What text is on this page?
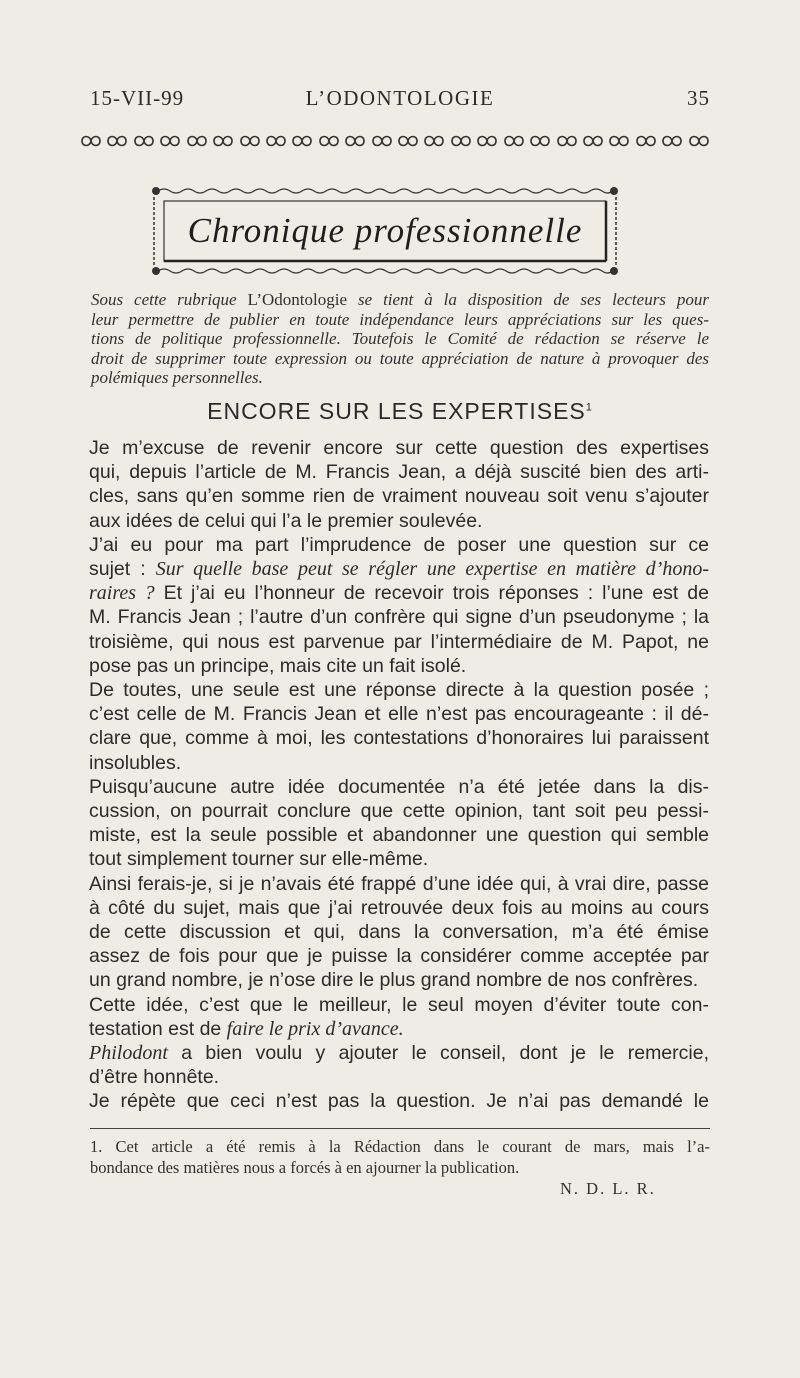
15-VII-99	L’ODONTOLOGIE	35
Chronique professionnelle
Sous cette rubrique L’Odontologie se tient à la disposition de ses lecteurs pour
leur permettre de publier en toute indépendance leurs appréciations sur les ques-
tions de politique professionnelle. Toutefois le Comité de rédaction se réserve le
droit de supprimer toute expression ou toute appréciation de nature à provoquer des
polémiques personnelles.
ENCORE SUR LES EXPERTISES$^1$
Je m’excuse de revenir encore sur cette question des expertises
qui, depuis l’article de M. Francis Jean, a déjà suscité bien des arti-
cles, sans qu’en somme rien de vraiment nouveau soit venu s’ajouter
aux idées de celui qui l’a le premier soulevée.
J’ai eu pour ma part l’imprudence de poser une question sur ce
sujet : Sur quelle base peut se régler une expertise en matière d’hono-
raires ? Et j’ai eu l’honneur de recevoir trois réponses : l’une est de
M. Francis Jean ; l’autre d’un confrère qui signe d’un pseudonyme ; la
troisième, qui nous est parvenue par l’intermédiaire de M. Papot, ne
pose pas un principe, mais cite un fait isolé.
De toutes, une seule est une réponse directe à la question posée ;
c’est celle de M. Francis Jean et elle n’est pas encourageante : il dé-
clare que, comme à moi, les contestations d’honoraires lui paraissent
insolubles.
Puisqu’aucune autre idée documentée n’a été jetée dans la dis-
cussion, on pourrait conclure que cette opinion, tant soit peu pessi-
miste, est la seule possible et abandonner une question qui semble
tout simplement tourner sur elle-même.
Ainsi ferais-je, si je n’avais été frappé d’une idée qui, à vrai dire, passe
à côté du sujet, mais que j’ai retrouvée deux fois au moins au cours
de cette discussion et qui, dans la conversation, m’a été émise
assez de fois pour que je puisse la considérer comme acceptée par
un grand nombre, je n’ose dire le plus grand nombre de nos confrères.
Cette idée, c’est que le meilleur, le seul moyen d’éviter toute con-
testation est de faire le prix d’avance.
Philodont a bien voulu y ajouter le conseil, dont je le remercie,
d’être honnête.
Je répète que ceci n’est pas la question. Je n’ai pas demandé le
1. Cet article a été remis à la Rédaction dans le courant de mars, mais l’a-
bondance des matières nous a forcés à en ajourner la publication.
N. D. L. R.
